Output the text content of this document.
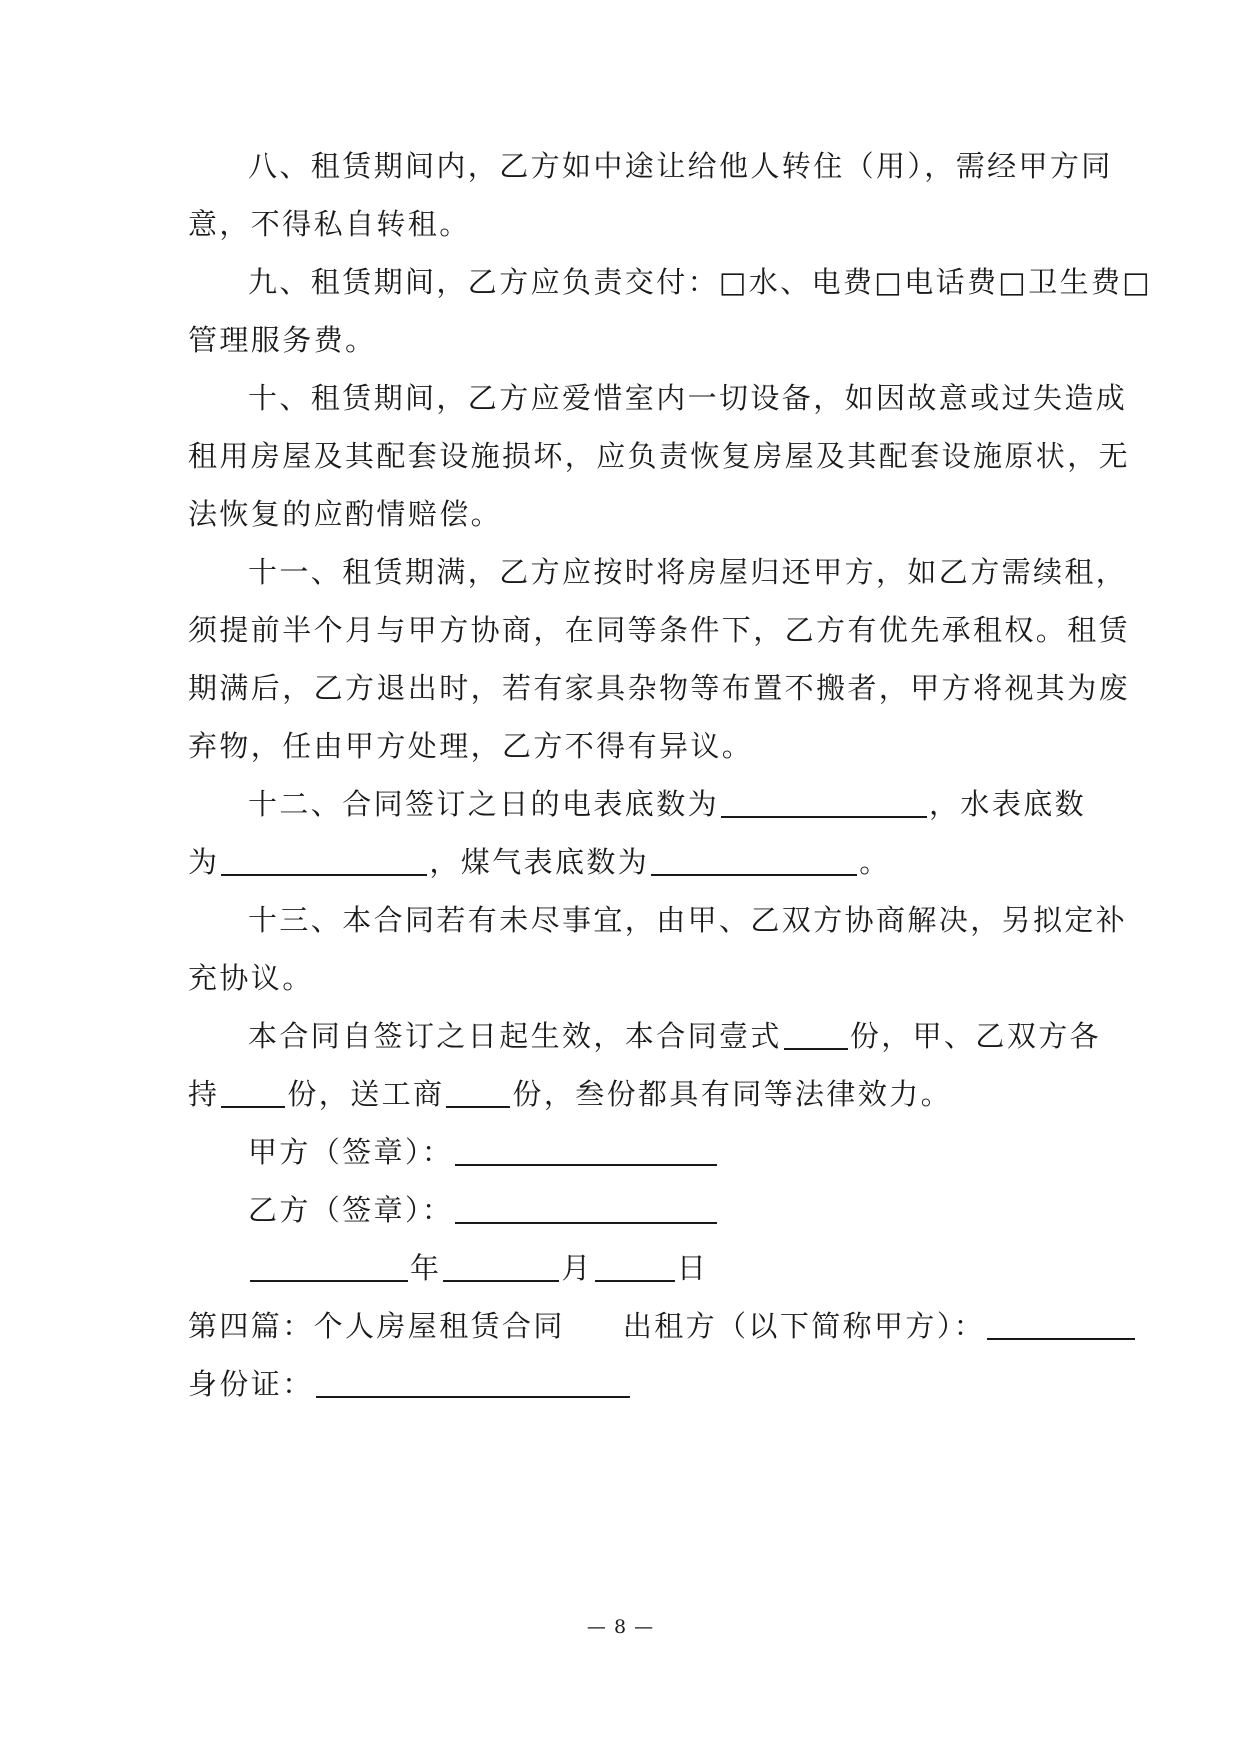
八、租赁期间内，乙方如中途让给他人转住（用），需经甲方同
意，不得私自转租。
九、租赁期间，乙方应负责交付：□水、电费□电话费□卫生费□
管理服务费。
十、租赁期间，乙方应爱惜室内一切设备，如因故意或过失造成
租用房屋及其配套设施损坏，应负责恢复房屋及其配套设施原状，无
法恢复的应酌情赔偿。
十一、租赁期满，乙方应按时将房屋归还甲方，如乙方需续租，
须提前半个月与甲方协商，在同等条件下，乙方有优先承租权。租赁
期满后，乙方退出时，若有家具杂物等布置不搬者，甲方将视其为废
弃物，任由甲方处理，乙方不得有异议。
十二、合同签订之日的电表底数为	，水表底数
为	，煤气表底数为	。
十三、本合同若有未尽事宜，由甲、乙双方协商解决，另拟定补
充协议。
本合同自签订之日起生效，本合同壹式 份，甲、乙双方各
持 份，送工商 份，叁份都具有同等法律效力。
甲方（签章）：
乙方（签章）：
年	月	日
第四篇：个人房屋租赁合同 出租方（以下简称甲方）：
身份证：
— 8 —
